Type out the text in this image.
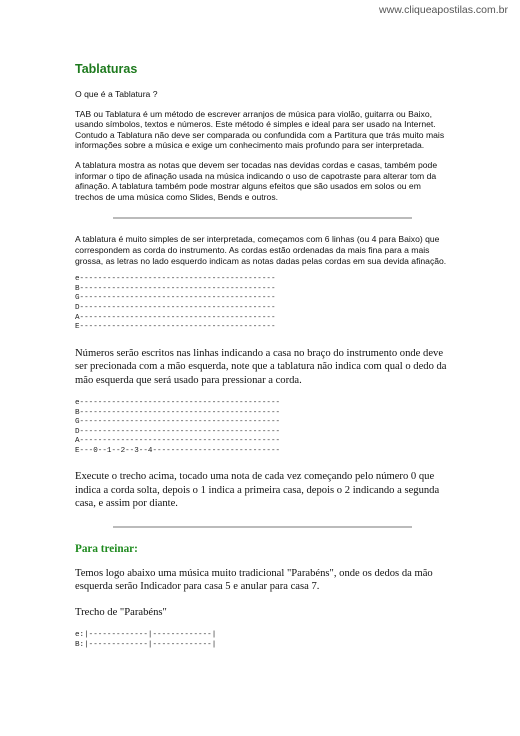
www.cliqueapostilas.com.br
Tablaturas

O que é a Tablatura ?

TAB ou Tablatura é um método de escrever arranjos de música para violão, guitarra ou Baixo, usando símbolos, textos e números. Este método é simples e ideal para ser usado na Internet. Contudo a Tablatura não deve ser comparada ou confundida com a Partitura que trás muito mais informações sobre a música e exige um conhecimento mais profundo para ser interpretada.

A tablatura mostra as notas que devem ser tocadas nas devidas cordas e casas, também pode informar o tipo de afinação usada na música indicando o uso de capotraste para alterar tom da afinação. A tablatura também pode mostrar alguns efeitos que são usados em solos ou em trechos de uma música como Slides, Bends e outros.

A tablatura é muito simples de ser interpretada, começamos com 6 linhas (ou 4 para Baixo) que correspondem as corda do instrumento. As cordas estão ordenadas da mais fina para a mais grossa, as letras no lado esquerdo indicam as notas dadas pelas cordas em sua devida afinação.

e-------------------------------------------
B-------------------------------------------
G-------------------------------------------
D-------------------------------------------
A-------------------------------------------
E-------------------------------------------

Números serão escritos nas linhas indicando a casa no braço do instrumento onde deve ser precionada com a mão esquerda, note que a tablatura não indica com qual o dedo da mão esquerda que será usado para pressionar a corda.

e--------------------------------------------
B--------------------------------------------
G--------------------------------------------
D--------------------------------------------
A--------------------------------------------
E---0--1--2--3--4----------------------------

Execute o trecho acima, tocado uma nota de cada vez começando pelo número 0 que indica a corda solta, depois o 1 indica a primeira casa, depois o 2 indicando a segunda casa, e assim por diante.

Para treinar:

Temos logo abaixo uma música muito tradicional "Parabéns", onde os dedos da mão esquerda serão Indicador para casa 5 e anular para casa 7.

Trecho de "Parabéns"

e:|-------------|-------------|
B:|-------------|-------------|
